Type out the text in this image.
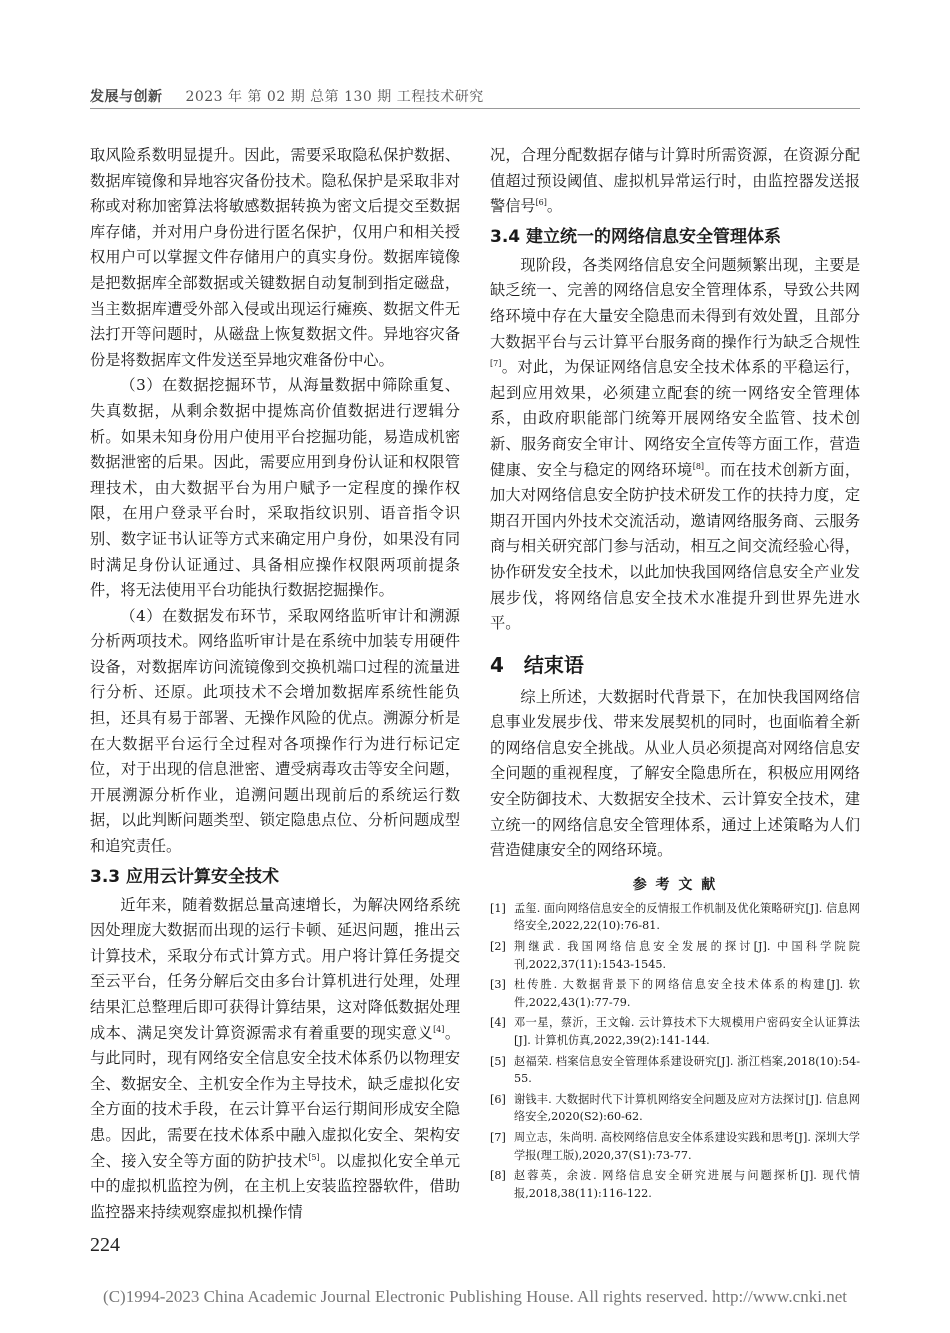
发展与创新 2023 年 第 02 期 总第 130 期 工程技术研究

取风险系数明显提升。因此，需要采取隐私保护数据、数据库镜像和异地容灾备份技术。隐私保护是采取非对称或对称加密算法将敏感数据转换为密文后提交至数据库存储，并对用户身份进行匿名保护，仅用户和相关授权用户可以掌握文件存储用户的真实身份。数据库镜像是把数据库全部数据或关键数据自动复制到指定磁盘，当主数据库遭受外部入侵或出现运行瘫痪、数据文件无法打开等问题时，从磁盘上恢复数据文件。异地容灾备份是将数据库文件发送至异地灾难备份中心。

（3）在数据挖掘环节，从海量数据中筛除重复、失真数据，从剩余数据中提炼高价值数据进行逻辑分析。如果未知身份用户使用平台挖掘功能，易造成机密数据泄密的后果。因此，需要应用到身份认证和权限管理技术，由大数据平台为用户赋予一定程度的操作权限，在用户登录平台时，采取指纹识别、语音指令识别、数字证书认证等方式来确定用户身份，如果没有同时满足身份认证通过、具备相应操作权限两项前提条件，将无法使用平台功能执行数据挖掘操作。

（4）在数据发布环节，采取网络监听审计和溯源分析两项技术。网络监听审计是在系统中加装专用硬件设备，对数据库访问流镜像到交换机端口过程的流量进行分析、还原。此项技术不会增加数据库系统性能负担，还具有易于部署、无操作风险的优点。溯源分析是在大数据平台运行全过程对各项操作行为进行标记定位，对于出现的信息泄密、遭受病毒攻击等安全问题，开展溯源分析作业，追溯问题出现前后的系统运行数据，以此判断问题类型、锁定隐患点位、分析问题成型和追究责任。

3.3 应用云计算安全技术

近年来，随着数据总量高速增长，为解决网络系统因处理庞大数据而出现的运行卡顿、延迟问题，推出云计算技术，采取分布式计算方式。用户将计算任务提交至云平台，任务分解后交由多台计算机进行处理，处理结果汇总整理后即可获得计算结果，这对降低数据处理成本、满足突发计算资源需求有着重要的现实意义[4]。与此同时，现有网络安全信息安全技术体系仍以物理安全、数据安全、主机安全作为主导技术，缺乏虚拟化安全方面的技术手段，在云计算平台运行期间形成安全隐患。因此，需要在技术体系中融入虚拟化安全、架构安全、接入安全等方面的防护技术[5]。以虚拟化安全单元中的虚拟机监控为例，在主机上安装监控器软件，借助监控器来持续观察虚拟机操作情

况，合理分配数据存储与计算时所需资源，在资源分配值超过预设阈值、虚拟机异常运行时，由监控器发送报警信号[6]。

3.4 建立统一的网络信息安全管理体系

现阶段，各类网络信息安全问题频繁出现，主要是缺乏统一、完善的网络信息安全管理体系，导致公共网络环境中存在大量安全隐患而未得到有效处置，且部分大数据平台与云计算平台服务商的操作行为缺乏合规性[7]。对此，为保证网络信息安全技术体系的平稳运行，起到应用效果，必须建立配套的统一网络安全管理体系，由政府职能部门统筹开展网络安全监管、技术创新、服务商安全审计、网络安全宣传等方面工作，营造健康、安全与稳定的网络环境[8]。而在技术创新方面，加大对网络信息安全防护技术研发工作的扶持力度，定期召开国内外技术交流活动，邀请网络服务商、云服务商与相关研究部门参与活动，相互之间交流经验心得，协作研发安全技术，以此加快我国网络信息安全产业发展步伐，将网络信息安全技术水准提升到世界先进水平。

4　结束语

综上所述，大数据时代背景下，在加快我国网络信息事业发展步伐、带来发展契机的同时，也面临着全新的网络信息安全挑战。从业人员必须提高对网络信息安全问题的重视程度，了解安全隐患所在，积极应用网络安全防御技术、大数据安全技术、云计算安全技术，建立统一的网络信息安全管理体系，通过上述策略为人们营造健康安全的网络环境。

参 考 文 献
[1] 孟玺. 面向网络信息安全的反情报工作机制及优化策略研究[J]. 信息网络安全,2022,22(10):76-81.
[2] 荆继武. 我国网络信息安全发展的探讨[J]. 中国科学院院刊,2022,37(11):1543-1545.
[3] 杜传胜. 大数据背景下的网络信息安全技术体系的构建[J]. 软件,2022,43(1):77-79.
[4] 邓一星，蔡沂，王文翰. 云计算技术下大规模用户密码安全认证算法[J]. 计算机仿真,2022,39(2):141-144.
[5] 赵福荣. 档案信息安全管理体系建设研究[J]. 浙江档案,2018(10):54-55.
[6] 谢钱丰. 大数据时代下计算机网络安全问题及应对方法探讨[J]. 信息网络安全,2020(S2):60-62.
[7] 周立志，朱尚明. 高校网络信息安全体系建设实践和思考[J]. 深圳大学学报(理工版),2020,37(S1):73-77.
[8] 赵蓉英，余波. 网络信息安全研究进展与问题探析[J]. 现代情报,2018,38(11):116-122.
224
(C)1994-2023 China Academic Journal Electronic Publishing House. All rights reserved. http://www.cnki.net
